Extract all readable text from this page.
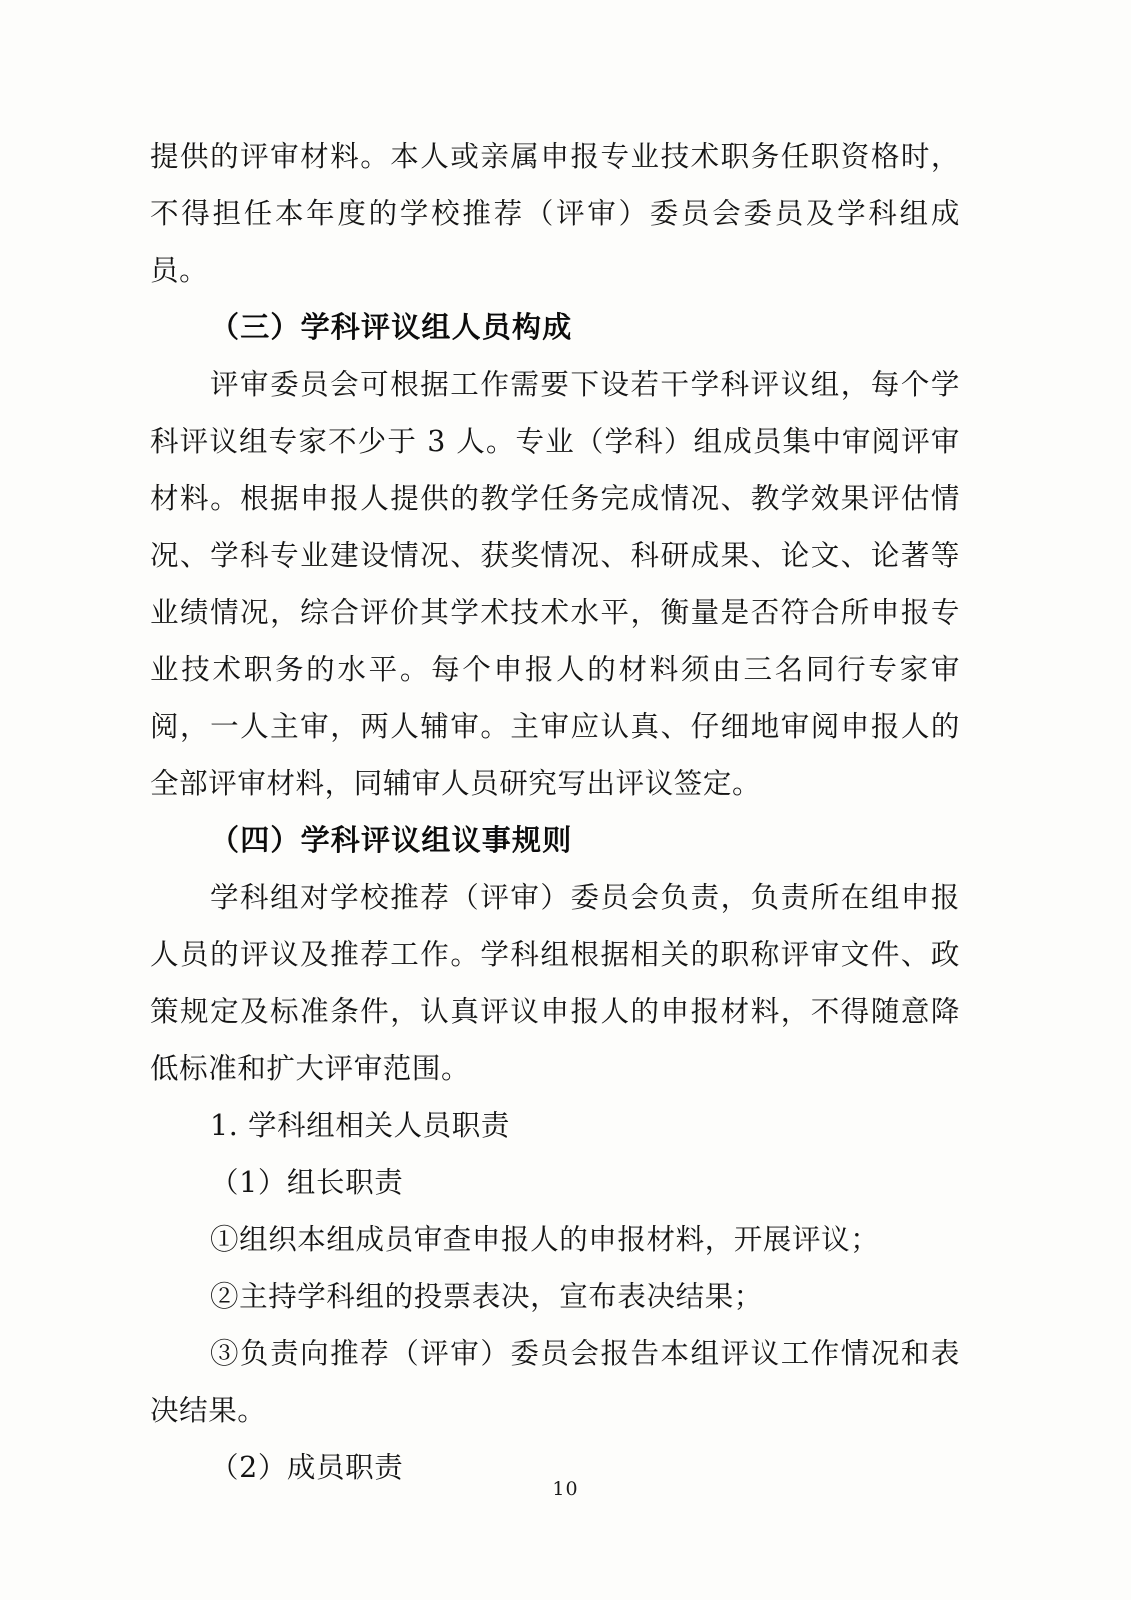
提供的评审材料。本人或亲属申报专业技术职务任职资格时，不得担任本年度的学校推荐（评审）委员会委员及学科组成员。

（三）学科评议组人员构成

评审委员会可根据工作需要下设若干学科评议组，每个学科评议组专家不少于 3 人。专业（学科）组成员集中审阅评审材料。根据申报人提供的教学任务完成情况、教学效果评估情况、学科专业建设情况、获奖情况、科研成果、论文、论著等业绩情况，综合评价其学术技术水平，衡量是否符合所申报专业技术职务的水平。每个申报人的材料须由三名同行专家审阅，一人主审，两人辅审。主审应认真、仔细地审阅申报人的全部评审材料，同辅审人员研究写出评议签定。

（四）学科评议组议事规则

学科组对学校推荐（评审）委员会负责，负责所在组申报人员的评议及推荐工作。学科组根据相关的职称评审文件、政策规定及标准条件，认真评议申报人的申报材料，不得随意降低标准和扩大评审范围。

1. 学科组相关人员职责

（1）组长职责

①组织本组成员审查申报人的申报材料，开展评议；

②主持学科组的投票表决，宣布表决结果；

③负责向推荐（评审）委员会报告本组评议工作情况和表决结果。

（2）成员职责

10
